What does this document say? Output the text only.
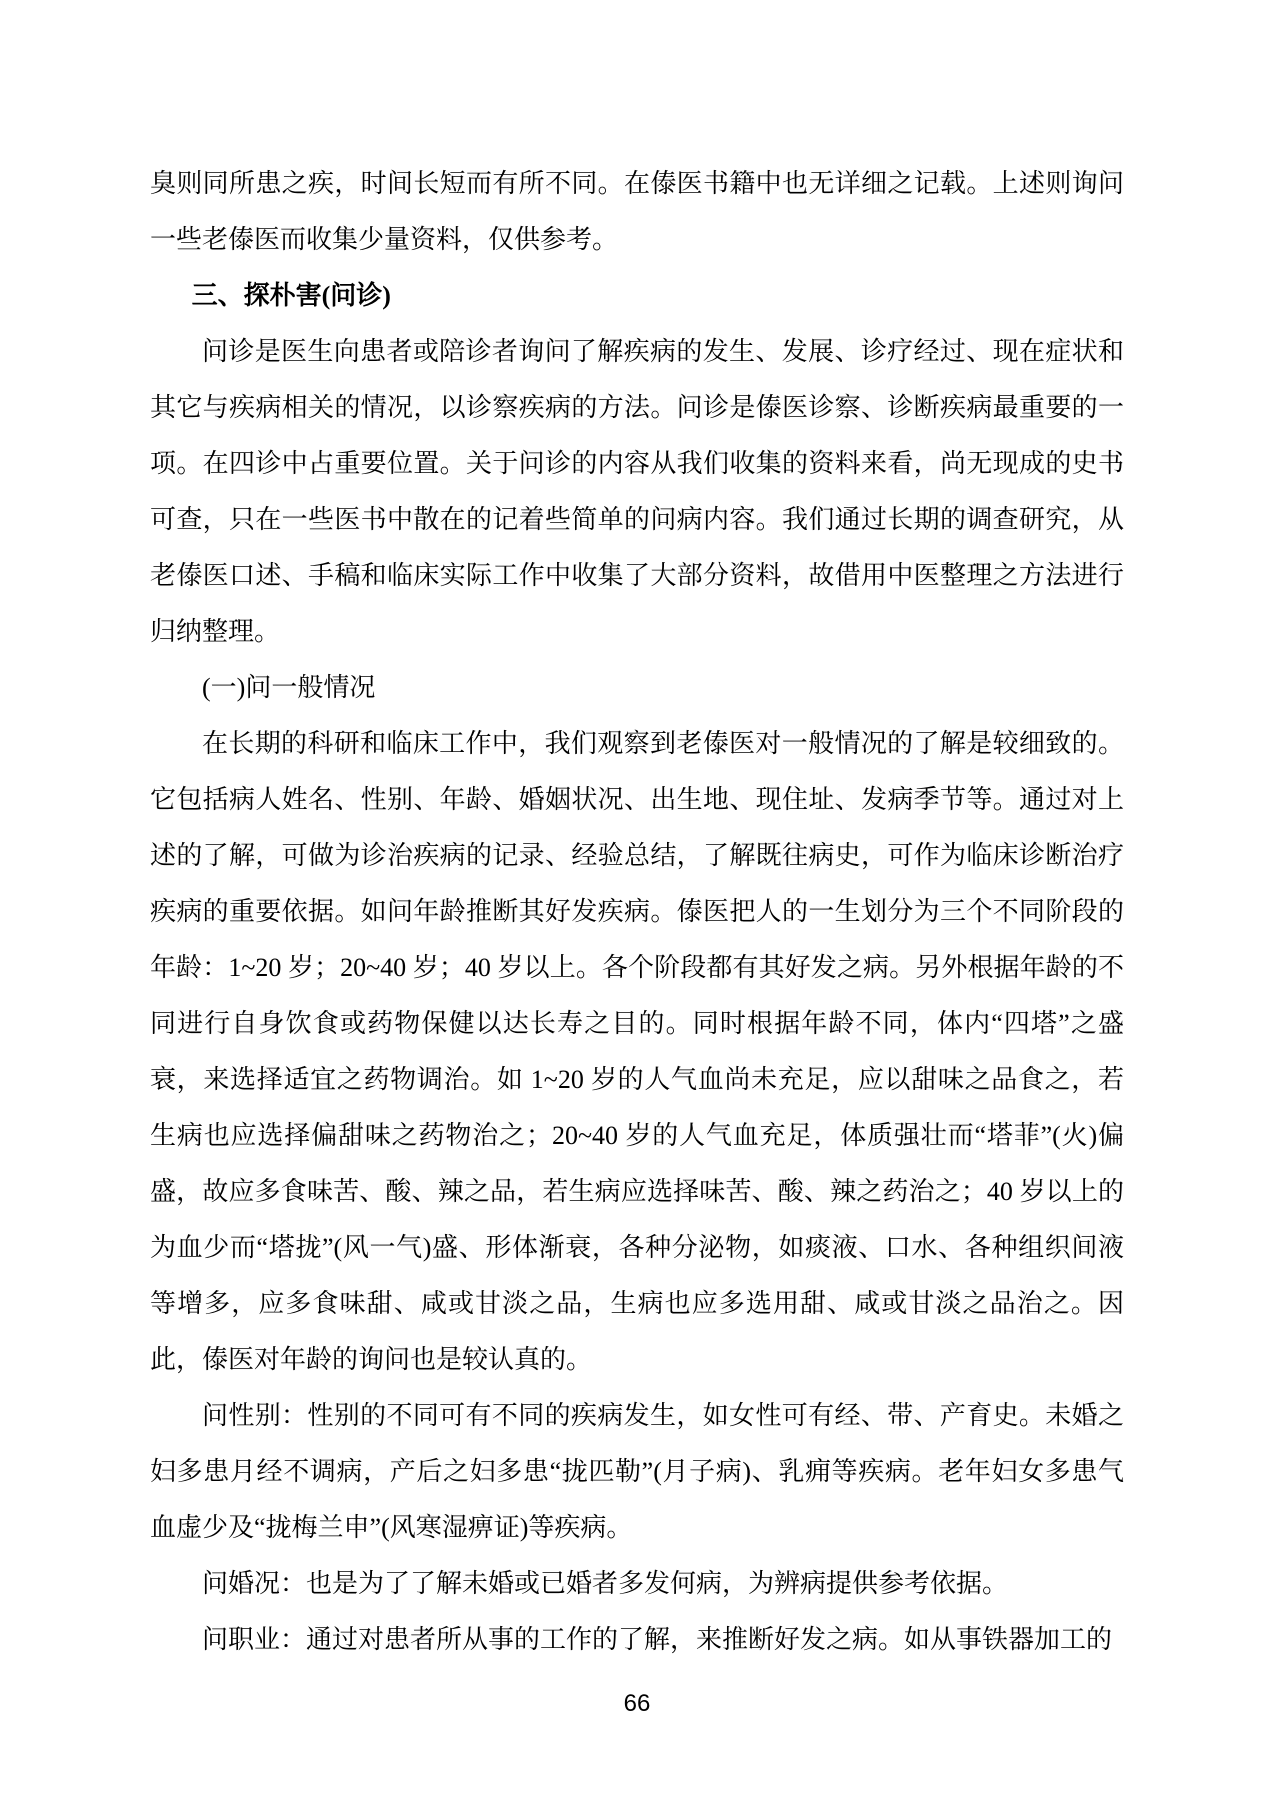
臭则同所患之疾，时间长短而有所不同。在傣医书籍中也无详细之记载。上述则询问一些老傣医而收集少量资料，仅供参考。

三、探朴害(问诊)

问诊是医生向患者或陪诊者询问了解疾病的发生、发展、诊疗经过、现在症状和其它与疾病相关的情况，以诊察疾病的方法。问诊是傣医诊察、诊断疾病最重要的一项。在四诊中占重要位置。关于问诊的内容从我们收集的资料来看，尚无现成的史书可查，只在一些医书中散在的记着些简单的问病内容。我们通过长期的调查研究，从老傣医口述、手稿和临床实际工作中收集了大部分资料，故借用中医整理之方法进行归纳整理。

(一)问一般情况

在长期的科研和临床工作中，我们观察到老傣医对一般情况的了解是较细致的。它包括病人姓名、性别、年龄、婚姻状况、出生地、现住址、发病季节等。通过对上述的了解，可做为诊治疾病的记录、经验总结，了解既往病史，可作为临床诊断治疗疾病的重要依据。如问年龄推断其好发疾病。傣医把人的一生划分为三个不同阶段的年龄：1~20 岁；20~40 岁；40 岁以上。各个阶段都有其好发之病。另外根据年龄的不同进行自身饮食或药物保健以达长寿之目的。同时根据年龄不同，体内“四塔”之盛衰，来选择适宜之药物调治。如 1~20 岁的人气血尚未充足，应以甜味之品食之，若生病也应选择偏甜味之药物治之；20~40 岁的人气血充足，体质强壮而“塔菲”(火)偏盛，故应多食味苦、酸、辣之品，若生病应选择味苦、酸、辣之药治之；40 岁以上的为血少而“塔拢”(风一气)盛、形体渐衰，各种分泌物，如痰液、口水、各种组织间液等增多，应多食味甜、咸或甘淡之品，生病也应多选用甜、咸或甘淡之品治之。因此，傣医对年龄的询问也是较认真的。

问性别：性别的不同可有不同的疾病发生，如女性可有经、带、产育史。未婚之妇多患月经不调病，产后之妇多患“拢匹勒”(月子病)、乳痈等疾病。老年妇女多患气血虚少及“拢梅兰申”(风寒湿痹证)等疾病。

问婚况：也是为了了解未婚或已婚者多发何病，为辨病提供参考依据。

问职业：通过对患者所从事的工作的了解，来推断好发之病。如从事铁器加工的

66
